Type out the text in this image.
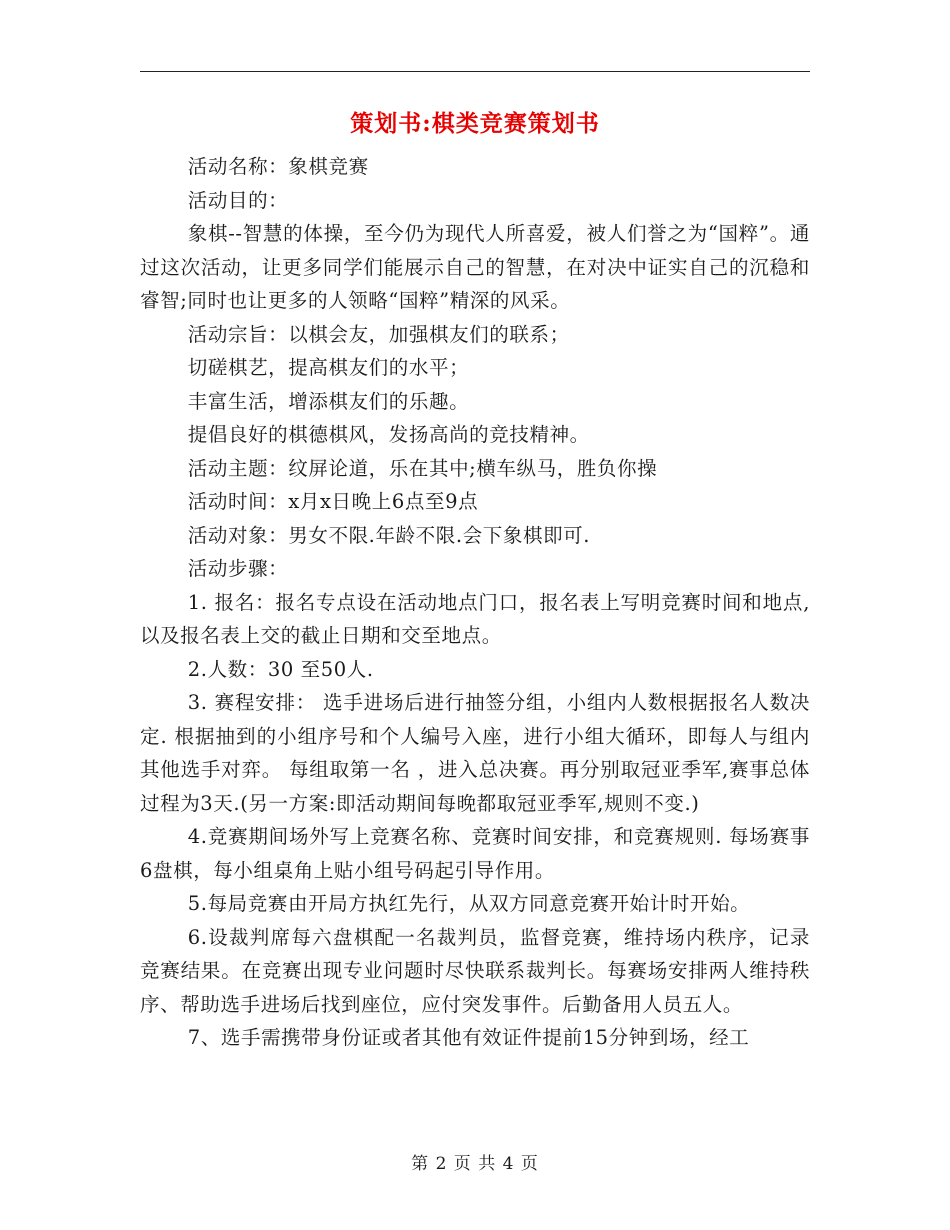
策划书:棋类竞赛策划书

活动名称：象棋竞赛

活动目的：

象棋--智慧的体操，至今仍为现代人所喜爱，被人们誉之为“国粹”。通过这次活动，让更多同学们能展示自己的智慧，在对决中证实自己的沉稳和睿智;同时也让更多的人领略“国粹”精深的风采。

活动宗旨：以棋会友，加强棋友们的联系；

切磋棋艺，提高棋友们的水平；

丰富生活，增添棋友们的乐趣。

提倡良好的棋德棋风，发扬高尚的竞技精神。

活动主题：纹屏论道，乐在其中;横车纵马，胜负你操

活动时间：x月x日晚上6点至9点

活动对象：男女不限.年龄不限.会下象棋即可.

活动步骤：

1. 报名：报名专点设在活动地点门口，报名表上写明竞赛时间和地点,以及报名表上交的截止日期和交至地点。

2.人数：30 至50人.

3. 赛程安排： 选手进场后进行抽签分组，小组内人数根据报名人数决定. 根据抽到的小组序号和个人编号入座，进行小组大循环，即每人与组内其他选手对弈。 每组取第一名 ，进入总决赛。再分别取冠亚季军,赛事总体过程为3天.(另一方案:即活动期间每晚都取冠亚季军,规则不变.)

4.竞赛期间场外写上竞赛名称、竞赛时间安排，和竞赛规则. 每场赛事6盘棋，每小组桌角上贴小组号码起引导作用。

5.每局竞赛由开局方执红先行，从双方同意竞赛开始计时开始。

6.设裁判席每六盘棋配一名裁判员，监督竞赛，维持场内秩序，记录竞赛结果。在竞赛出现专业问题时尽快联系裁判长。每赛场安排两人维持秩序、帮助选手进场后找到座位，应付突发事件。后勤备用人员五人。

7、选手需携带身份证或者其他有效证件提前15分钟到场，经工

第 2 页 共 4 页
